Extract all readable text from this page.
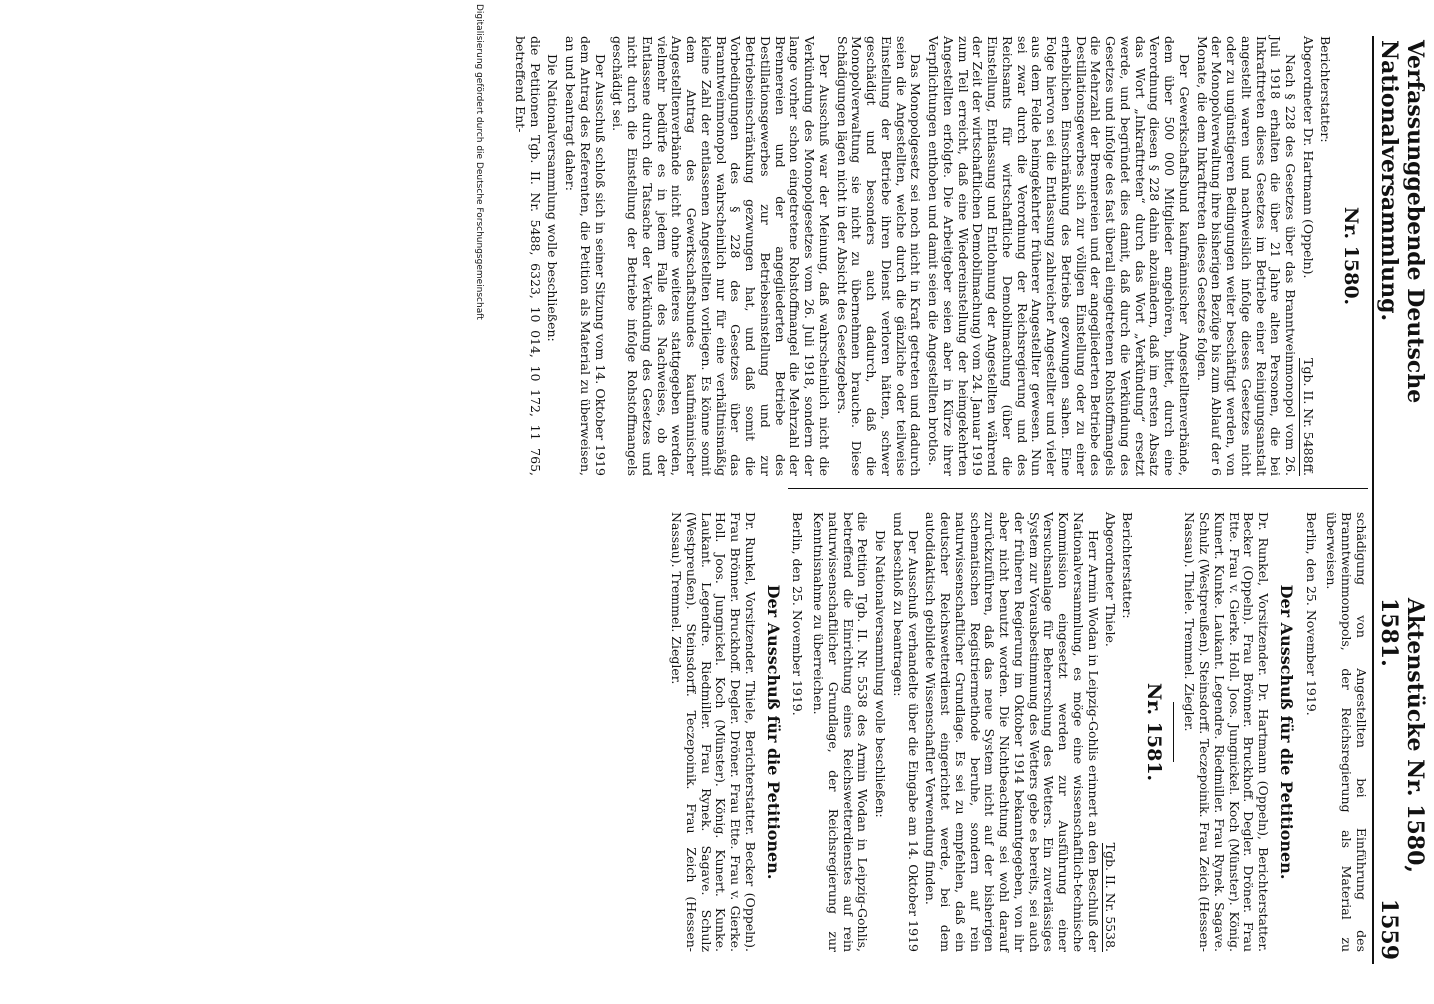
Verfassunggebende Deutsche Nationalversammlung.
Aktenstücke Nr. 1580, 1581.
1559
Nr. 1580.
Berichterstatter:
Abgeordneter Dr. Hartmann (Oppeln).
Tgb. II. Nr. 5488ff.

Nach § 228 des Gesetzes über das Branntweinmonopol vom 26. Juli 1918 erhalten die über 21 Jahre alten Personen, die bei Inkrafttreten dieses Gesetzes im Betriebe einer Reinigungsanstalt angestellt waren und nachweislich infolge dieses Gesetzes nicht oder zu ungünstigeren Bedingungen weiter beschäftigt werden, von der Monopolverwaltung ihre bisherigen Bezüge bis zum Ablauf der 6 Monate, die dem Inkrafttreten dieses Gesetzes folgen.

Der Gewerkschaftsbund kaufmännischer Angestelltenverbände, dem über 500 000 Mitglieder angehören, bittet, durch eine Verordnung diesen § 228 dahin abzuändern, daß im ersten Absatz das Wort „Inkrafttreten“ durch das Wort „Verkündung“ ersetzt werde, und begründet dies damit, daß durch die Verkündung des Gesetzes und infolge des fast überall eingetretenen Rohstoffmangels die Mehrzahl der Brennereien und der angegliederten Betriebe des Destillationsgewerbes sich zur völligen Einstellung oder zu einer erheblichen Einschränkung des Betriebs gezwungen sahen. Eine Folge hiervon sei die Entlassung zahlreicher Angestellter und vieler aus dem Felde heimgekehrter früherer Angestellter gewesen. Nun sei zwar durch die Verordnung der Reichsregierung und des Reichsamts für wirtschaftliche Demobilmachung (über die Einstellung, Entlassung und Entlohnung der Angestellten während der Zeit der wirtschaftlichen Demobilmachung) vom 24. Januar 1919 zum Teil erreicht, daß eine Wiedereinstellung der heimgekehrten Angestellten erfolgte. Die Arbeitgeber seien aber in Kürze ihrer Verpflichtungen enthoben und damit seien die Angestellten brotlos.

Das Monopolgesetz sei noch nicht in Kraft getreten und dadurch seien die Angestellten, welche durch die gänzliche oder teilweise Einstellung der Betriebe ihren Dienst verloren hätten, schwer geschädigt und besonders auch dadurch, daß die Monopolverwaltung sie nicht zu übernehmen brauche. Diese Schädigungen lägen nicht in der Absicht des Gesetzgebers.

Der Ausschuß war der Meinung, daß wahrscheinlich nicht die Verkündung des Monopolgesetzes vom 26. Juli 1918, sondern der lange vorher schon eingetretene Rohstoffmangel die Mehrzahl der Brennereien und der angegliederten Betriebe des Destillationsgewerbes zur Betriebseinstellung und zur Betriebseinschränkung gezwungen hat, und daß somit die Vorbedingungen des § 228 des Gesetzes über das Branntweinmonopol wahrscheinlich nur für eine verhältnismäßig kleine Zahl der entlassenen Angestellten vorliegen. Es könne somit dem Antrag des Gewerkschaftsbundes kaufmännischer Angestelltenverbände nicht ohne weiteres stattgegeben werden, vielmehr bedürfe es in jedem Falle des Nachweises, ob der Entlassene durch die Tatsache der Verkündung des Gesetzes und nicht durch die Einstellung der Betriebe infolge Rohstoffmangels geschädigt sei.

Der Ausschuß schloß sich in seiner Sitzung vom 14. Oktober 1919 dem Antrag des Referenten, die Petition als Material zu überweisen, an und beantragt daher:

Die Nationalversammlung wolle beschließen:

die Petitionen Tgb. II. Nr. 5488, 6323, 10 014, 10 172, 11 765, betreffend Ent-

schädigung von Angestellten bei Einführung des Branntweinmonopols, der Reichsregierung als Material zu überweisen.

Berlin, den 25. November 1919.

Der Ausschuß für die Petitionen.

Dr. Runkel, Vorsitzender. Dr. Hartmann (Oppeln), Berichterstatter. Becker (Oppeln). Frau Brönner. Bruckhoff. Degler. Dröner. Frau Ette. Frau v. Gierke. Holl. Joos. Jungnickel. Koch (Münster). König. Kunert. Kunke. Laukant. Legendre. Riedmiller. Frau Rynek. Sagave. Schulz (Westpreußen). Steinsdorff. Teczepoinik. Frau Zeich (Hessen-Nassau). Thiele. Tremmel. Ziegler.

Nr. 1581.
Berichterstatter:
Abgeordneter Thiele.
Tgb. II. Nr. 5538.

Herr Armin Wodan in Leipzig-Gohlis erinnert an den Beschluß der Nationalversammlung, es möge eine wissenschaftlich-technische Kommission eingesetzt werden zur Ausführung einer Versuchsanlage für Beherrschung des Wetters. Ein zuverlässiges System zur Vorausbestimmung des Wetters gebe es bereits, sei auch der früheren Regierung im Oktober 1914 bekanntgegeben, von ihr aber nicht benutzt worden. Die Nichtbeachtung sei wohl darauf zurückzuführen, daß das neue System nicht auf der bisherigen schematischen Registriermethode beruhe, sondern auf rein naturwissenschaftlicher Grundlage. Es sei zu empfehlen, daß ein deutscher Reichswetterdienst eingerichtet werde, bei dem autodidaktisch gebildete Wissenschaftler Verwendung finden.

Der Ausschuß verhandelte über die Eingabe am 14. Oktober 1919 und beschloß zu beantragen:

Die Nationalversammlung wolle beschließen:

die Petition Tgb. II. Nr. 5538 des Armin Wodan in Leipzig-Gohlis, betreffend die Einrichtung eines Reichswetterdienstes auf rein naturwissenschaftlicher Grundlage, der Reichsregierung zur Kenntnisnahme zu überreichen.

Berlin, den 25. November 1919.

Der Ausschuß für die Petitionen.

Dr. Runkel, Vorsitzender. Thiele, Berichterstatter. Becker (Oppeln). Frau Brönner. Bruckhoff. Degler. Dröner. Frau Ette. Frau v. Gierke. Holl. Joos. Jungnickel. Koch (Münster). König. Kunert. Kunke. Laukant. Legendre. Riedmiller. Frau Rynek. Sagave. Schulz (Westpreußen). Steinsdorff. Teczepoinik. Frau Zeich (Hessen-Nassau). Tremmel. Ziegler.

Digitalisierung gefördert durch die Deutsche Forschungsgemeinschaft
